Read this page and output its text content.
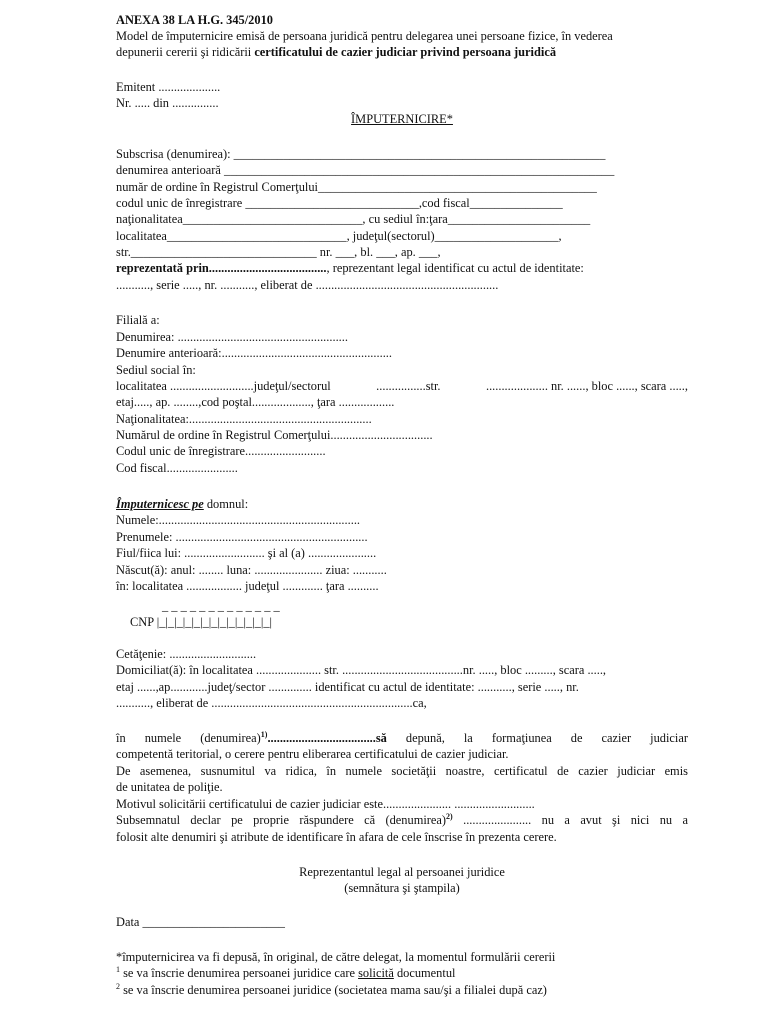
ANEXA 38 LA H.G. 345/2010
Model de împuternicire emisă de persoana juridică pentru delegarea unei persoane fizice, în vederea
depunerii cererii şi ridicării certificatului de cazier judiciar privind persoana juridică
Emitent ....................
Nr. ..... din ...............
ÎMPUTERNICIRE*
Subscrisa (denumirea): ____________________________________________________________
denumirea anterioară _______________________________________________________________
număr de ordine în Registrul Comerţului_____________________________________________
codul unic de înregistrare ____________________________,cod fiscal_______________
naţionalitatea_____________________________, cu sediul în:ţara_______________________
localitatea_____________________________, judeţul(sectorul)____________________,
str.______________________________ nr. ___, bl. ___, ap. ___,
reprezentată prin......................................, reprezentant legal identificat cu actul de identitate:
..........., serie ....., nr. ..........., eliberat de ...........................................................
Filială a:
Denumirea: .......................................................
Denumire anterioară:.......................................................
Sediul social în:
localitatea ...........................judeţul/sectorul	................str.	.................... nr. ......, bloc ......, scara .....,
etaj....., ap. ........,cod poştal..................., ţara ..................
Naţionalitatea:...........................................................
Numărul de ordine în Registrul Comerţului.................................
Codul unic de înregistrare..........................
Cod fiscal.......................
Împuternicesc pe domnul:
Numele:.................................................................
Prenumele: ..............................................................
Fiul/fiica lui: .......................... şi al (a) ......................
Născut(ă): anul: ........ luna: ...................... ziua: ...........
în: localitatea .................. judeţul ............. ţara ..........
_ _ _ _ _ _ _ _ _ _ _ _ _
CNP |_|_|_|_|_|_|_|_|_|_|_|_|_|
Cetăţenie: ............................
Domiciliat(ă): în localitatea ..................... str. .......................................nr. ....., bloc ........., scara .....,
etaj ......,ap............judeţ/sector .............. identificat cu actul de identitate: ..........., serie ....., nr.
..........., eliberat de .................................................................ca,
în numele (denumirea)$^{1)}$...................................să depună, la formaţiunea de cazier judiciar
competentă teritorial, o cerere pentru eliberarea certificatului de cazier judiciar.
De asemenea, susnumitul va ridica, în numele societăţii noastre, certificatul de cazier judiciar emis
de unitatea de poliţie.
Motivul solicitării certificatului de cazier judiciar este...................... ..........................
Subsemnatul declar pe proprie răspundere că (denumirea)$^{2)}$ ...................... nu a avut şi nici nu a
folosit alte denumiri şi atribute de identificare în afara de cele înscrise în prezenta cerere.
Reprezentantul legal al persoanei juridice
(semnătura şi ştampila)
Data _______________________
*împuternicirea va fi depusă, în original, de către delegat, la momentul formulării cererii
$^1$ se va înscrie denumirea persoanei juridice care solicită documentul
$^2$ se va înscrie denumirea persoanei juridice (societatea mama sau/şi a filialei după caz)
